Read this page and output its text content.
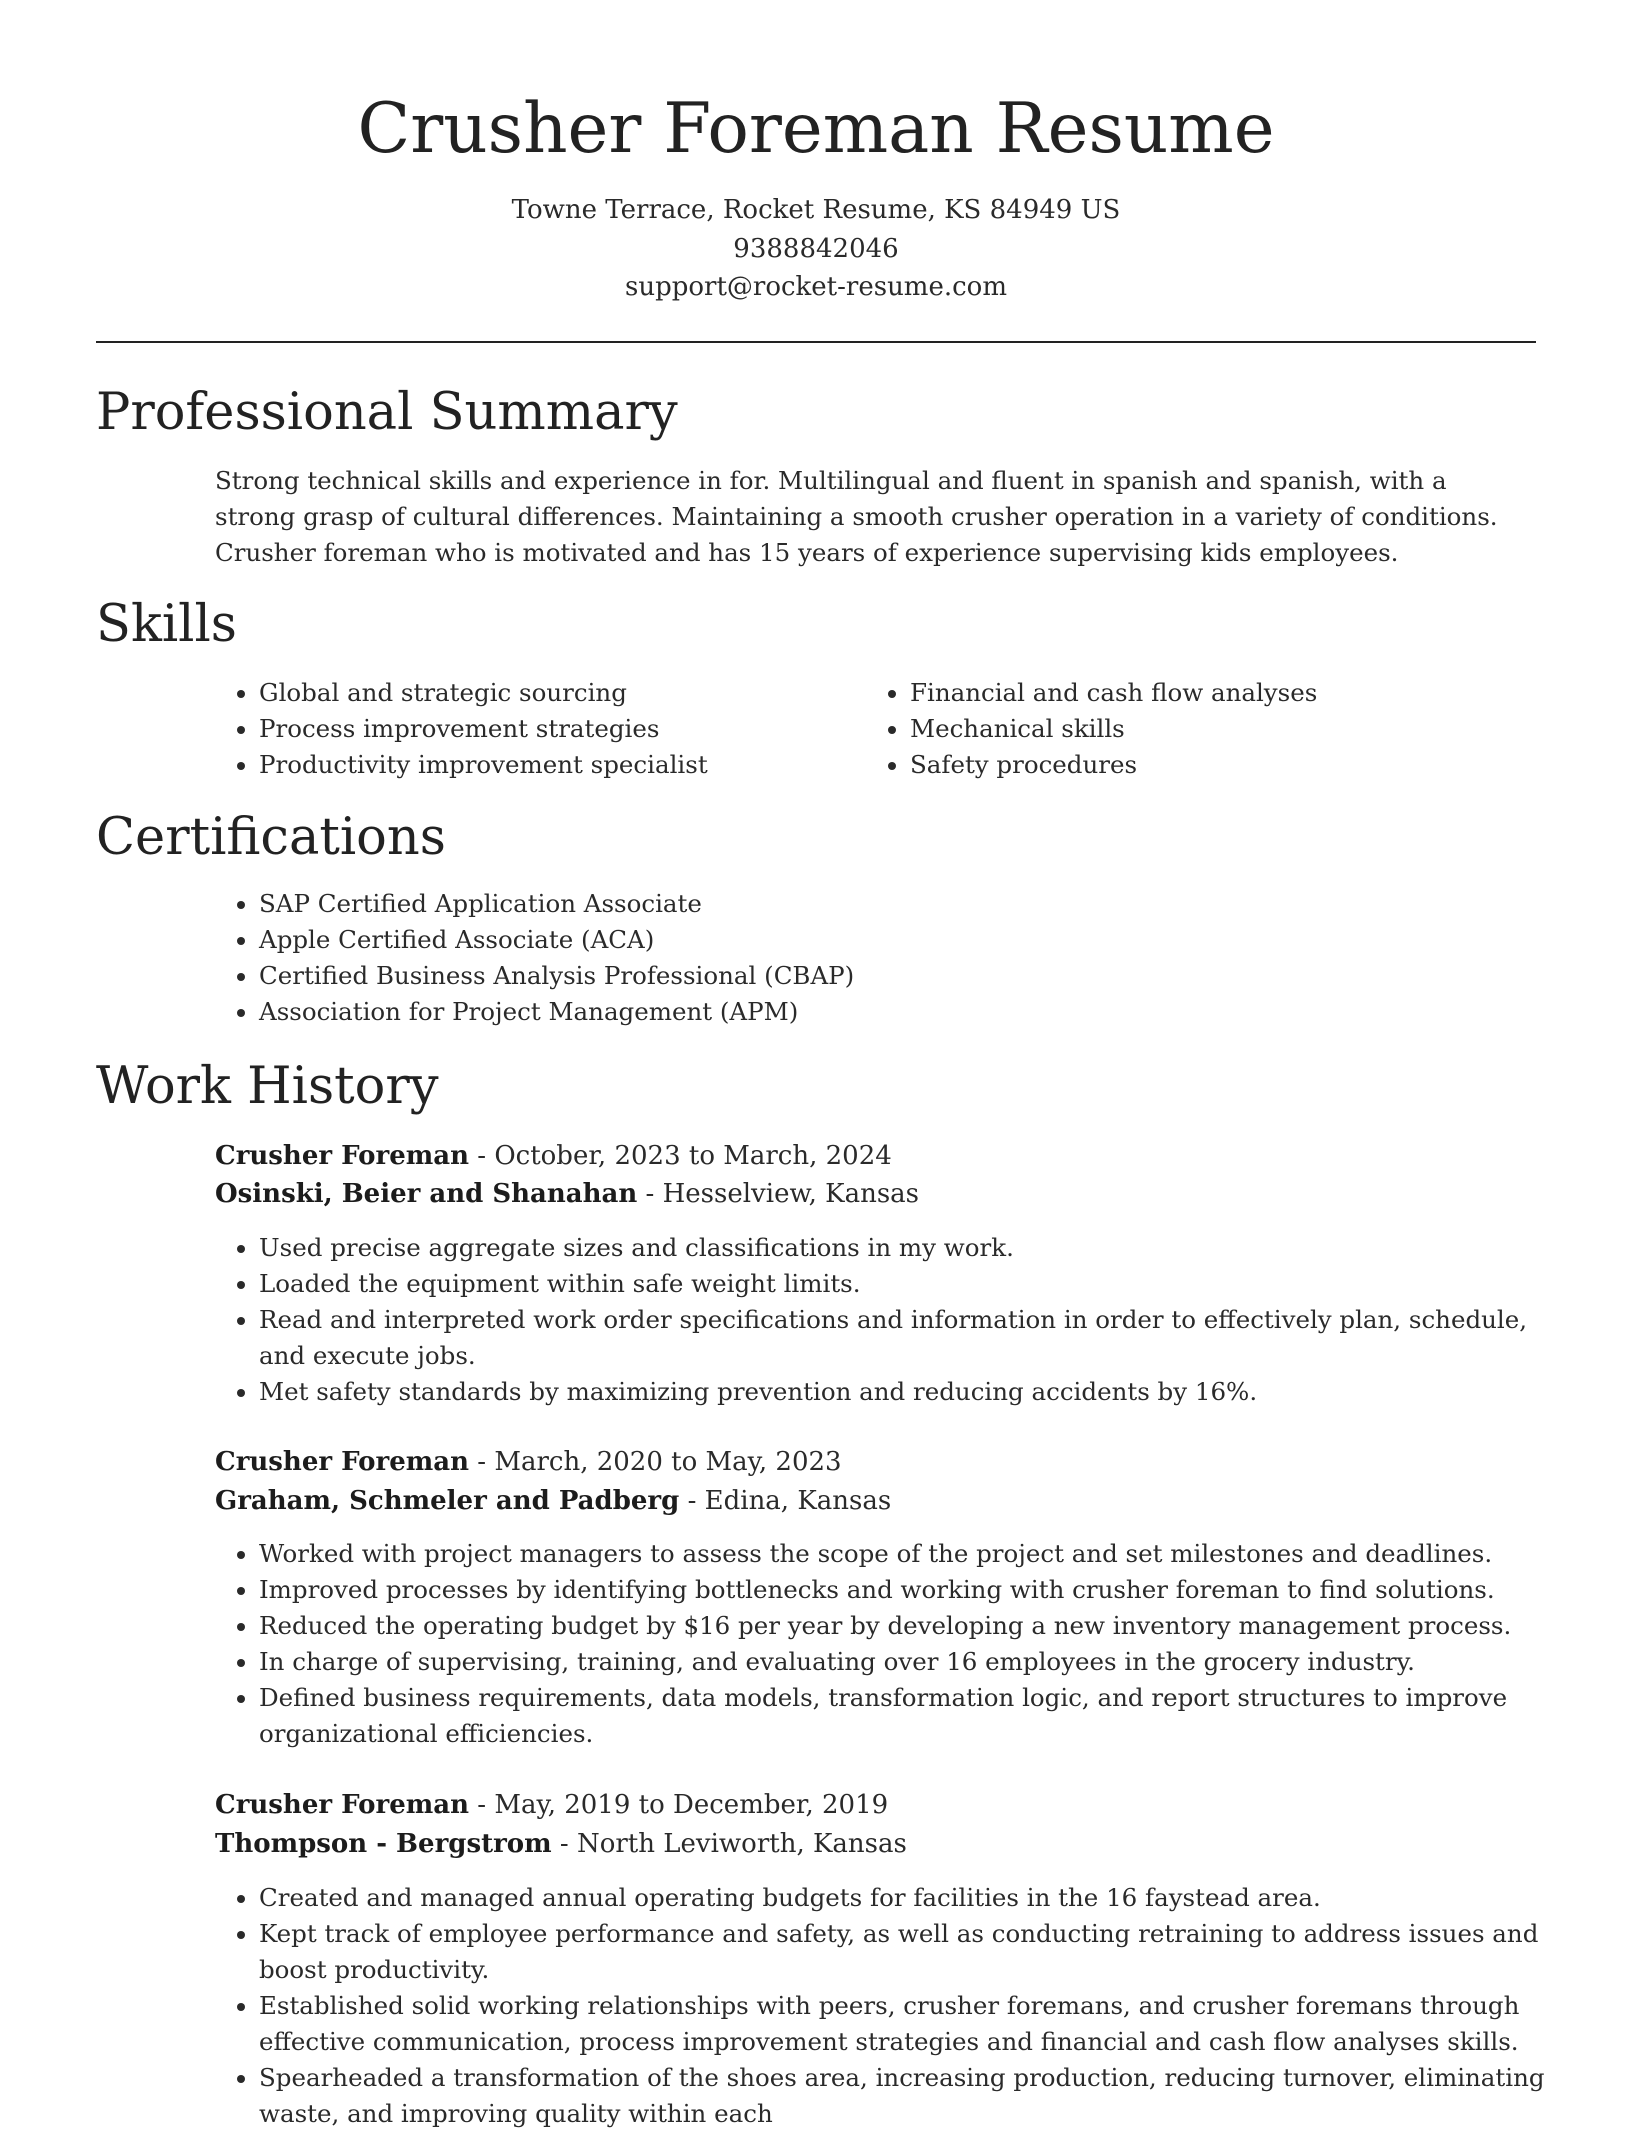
Crusher Foreman Resume
Towne Terrace, Rocket Resume, KS 84949 US
9388842046
support@rocket-resume.com
Professional Summary

Strong technical skills and experience in for. Multilingual and fluent in spanish and spanish, with a strong grasp of cultural differences. Maintaining a smooth crusher operation in a variety of conditions. Crusher foreman who is motivated and has 15 years of experience supervising kids employees.

Skills
• Global and strategic sourcing
• Process improvement strategies
• Productivity improvement specialist
• Financial and cash flow analyses
• Mechanical skills
• Safety procedures
Certifications
• SAP Certified Application Associate
• Apple Certified Associate (ACA)
• Certified Business Analysis Professional (CBAP)
• Association for Project Management (APM)
Work History
Crusher Foreman - October, 2023 to March, 2024
Osinski, Beier and Shanahan - Hesselview, Kansas
• Used precise aggregate sizes and classifications in my work.
• Loaded the equipment within safe weight limits.
• Read and interpreted work order specifications and information in order to effectively plan, schedule, and execute jobs.
• Met safety standards by maximizing prevention and reducing accidents by 16%.
Crusher Foreman - March, 2020 to May, 2023
Graham, Schmeler and Padberg - Edina, Kansas
• Worked with project managers to assess the scope of the project and set milestones and deadlines.
• Improved processes by identifying bottlenecks and working with crusher foreman to find solutions.
• Reduced the operating budget by $16 per year by developing a new inventory management process.
• In charge of supervising, training, and evaluating over 16 employees in the grocery industry.
• Defined business requirements, data models, transformation logic, and report structures to improve organizational efficiencies.
Crusher Foreman - May, 2019 to December, 2019
Thompson - Bergstrom - North Leviworth, Kansas
• Created and managed annual operating budgets for facilities in the 16 faystead area.
• Kept track of employee performance and safety, as well as conducting retraining to address issues and boost productivity.
• Established solid working relationships with peers, crusher foremans, and crusher foremans through effective communication, process improvement strategies and financial and cash flow analyses skills.
• Spearheaded a transformation of the shoes area, increasing production, reducing turnover, eliminating waste, and improving quality within each
